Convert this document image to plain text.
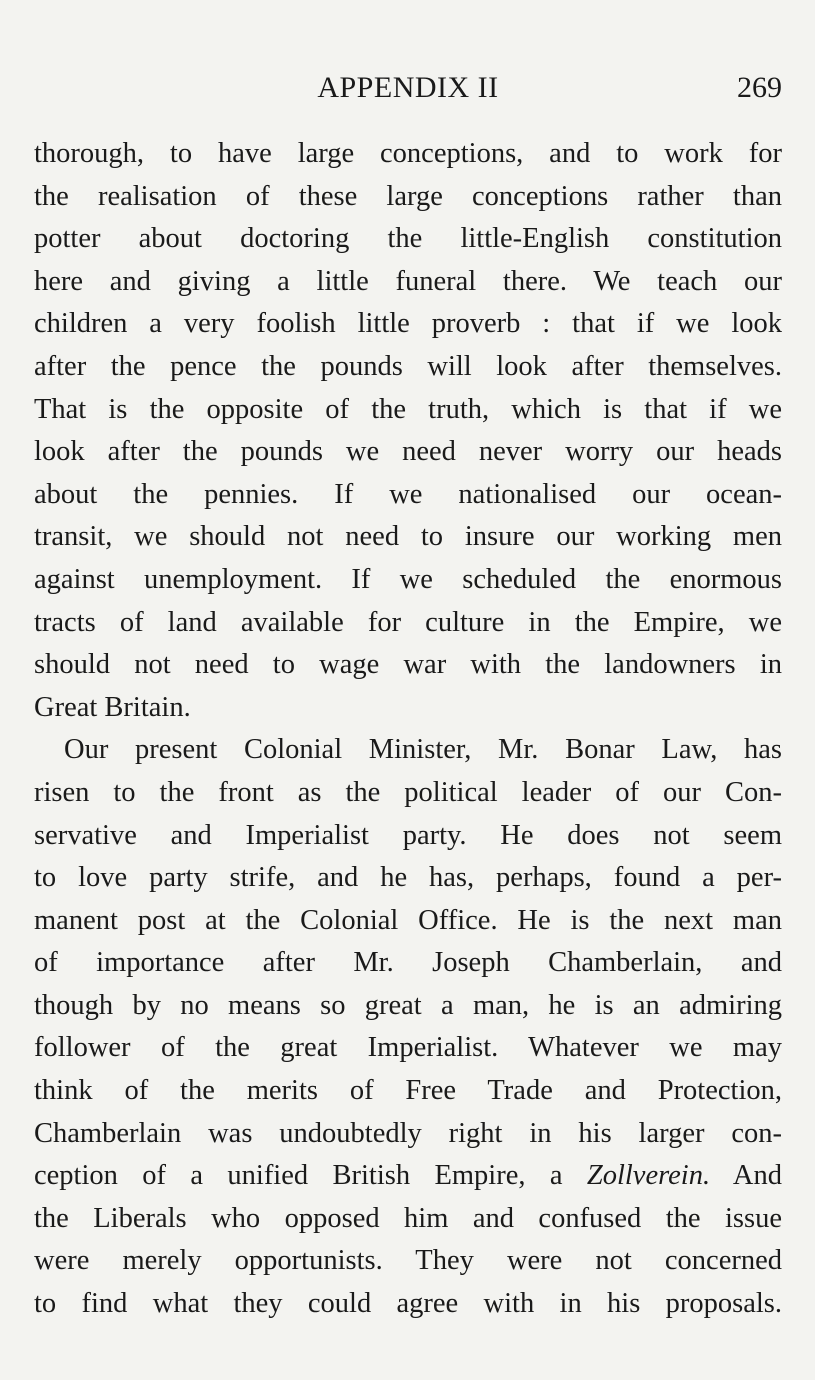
APPENDIX II	269
thorough, to have large conceptions, and to work for
the realisation of these large conceptions rather than
potter about doctoring the little-English constitution
here and giving a little funeral there. We teach our
children a very foolish little proverb : that if we look
after the pence the pounds will look after themselves.
That is the opposite of the truth, which is that if we
look after the pounds we need never worry our heads
about the pennies. If we nationalised our ocean-
transit, we should not need to insure our working men
against unemployment. If we scheduled the enormous
tracts of land available for culture in the Empire, we
should not need to wage war with the landowners in
Great Britain.
Our present Colonial Minister, Mr. Bonar Law, has
risen to the front as the political leader of our Con-
servative and Imperialist party. He does not seem
to love party strife, and he has, perhaps, found a per-
manent post at the Colonial Office. He is the next man
of importance after Mr. Joseph Chamberlain, and
though by no means so great a man, he is an admiring
follower of the great Imperialist. Whatever we may
think of the merits of Free Trade and Protection,
Chamberlain was undoubtedly right in his larger con-
ception of a unified British Empire, a Zollverein. And
the Liberals who opposed him and confused the issue
were merely opportunists. They were not concerned
to find what they could agree with in his proposals.
